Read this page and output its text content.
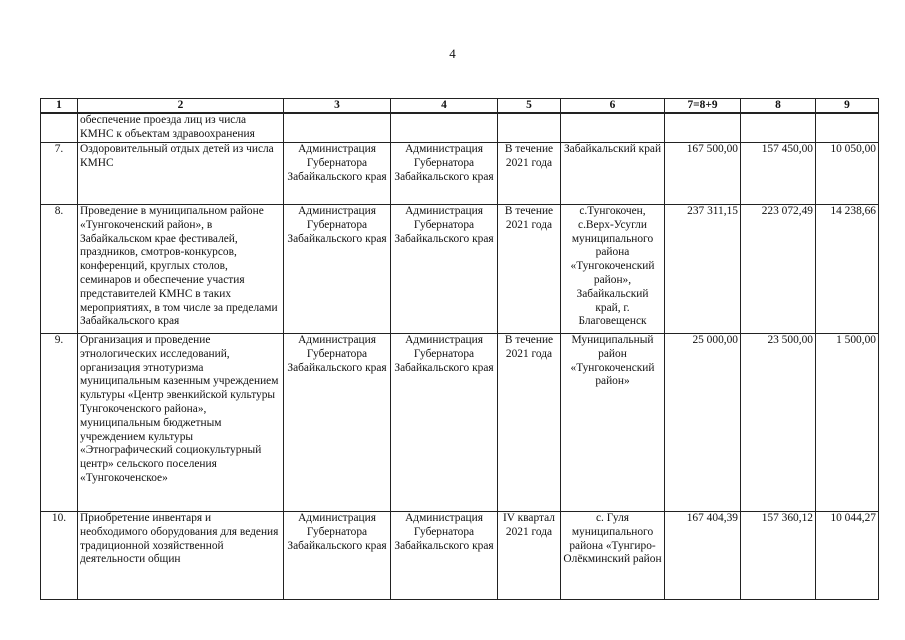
4
1	2	3	4	5	6	7=8+9	8	9
	обеспечение проезда лиц из числа КМНС к объектам здравоохранения							
7.	Оздоровительный отдых детей из числа КМНС	Администрация Губернатора Забайкальского края	Администрация Губернатора Забайкальского края	В течение 2021 года	Забайкальский край	167 500,00	157 450,00	10 050,00
8.	Проведение в муниципальном районе «Тунгокоченский район», в Забайкальском крае фестивалей, праздников, смотров-конкурсов, конференций, круглых столов, семинаров и обеспечение участия представителей КМНС в таких мероприятиях, в том числе за пределами Забайкальского края	Администрация Губернатора Забайкальского края	Администрация Губернатора Забайкальского края	В течение 2021 года	с.Тунгокочен, с.Верх-Усугли муниципального района «Тунгокоченский район», Забайкальский край, г. Благовещенск	237 311,15	223 072,49	14 238,66
9.	Организация и проведение этнологических исследований, организация этнотуризма муниципальным казенным учреждением культуры «Центр эвенкийской культуры Тунгокоченского района», муниципальным бюджетным учреждением культуры «Этнографический социокультурный центр» сельского поселения «Тунгокоченское»	Администрация Губернатора Забайкальского края	Администрация Губернатора Забайкальского края	В течение 2021 года	Муниципальный район «Тунгокоченский район»	25 000,00	23 500,00	1 500,00
10.	Приобретение инвентаря и необходимого оборудования для ведения традиционной хозяйственной деятельности общин	Администрация Губернатора Забайкальского края	Администрация Губернатора Забайкальского края	IV квартал 2021 года	с. Гуля муниципального района «Тунгиро-Олёкминский район	167 404,39	157 360,12	10 044,27
